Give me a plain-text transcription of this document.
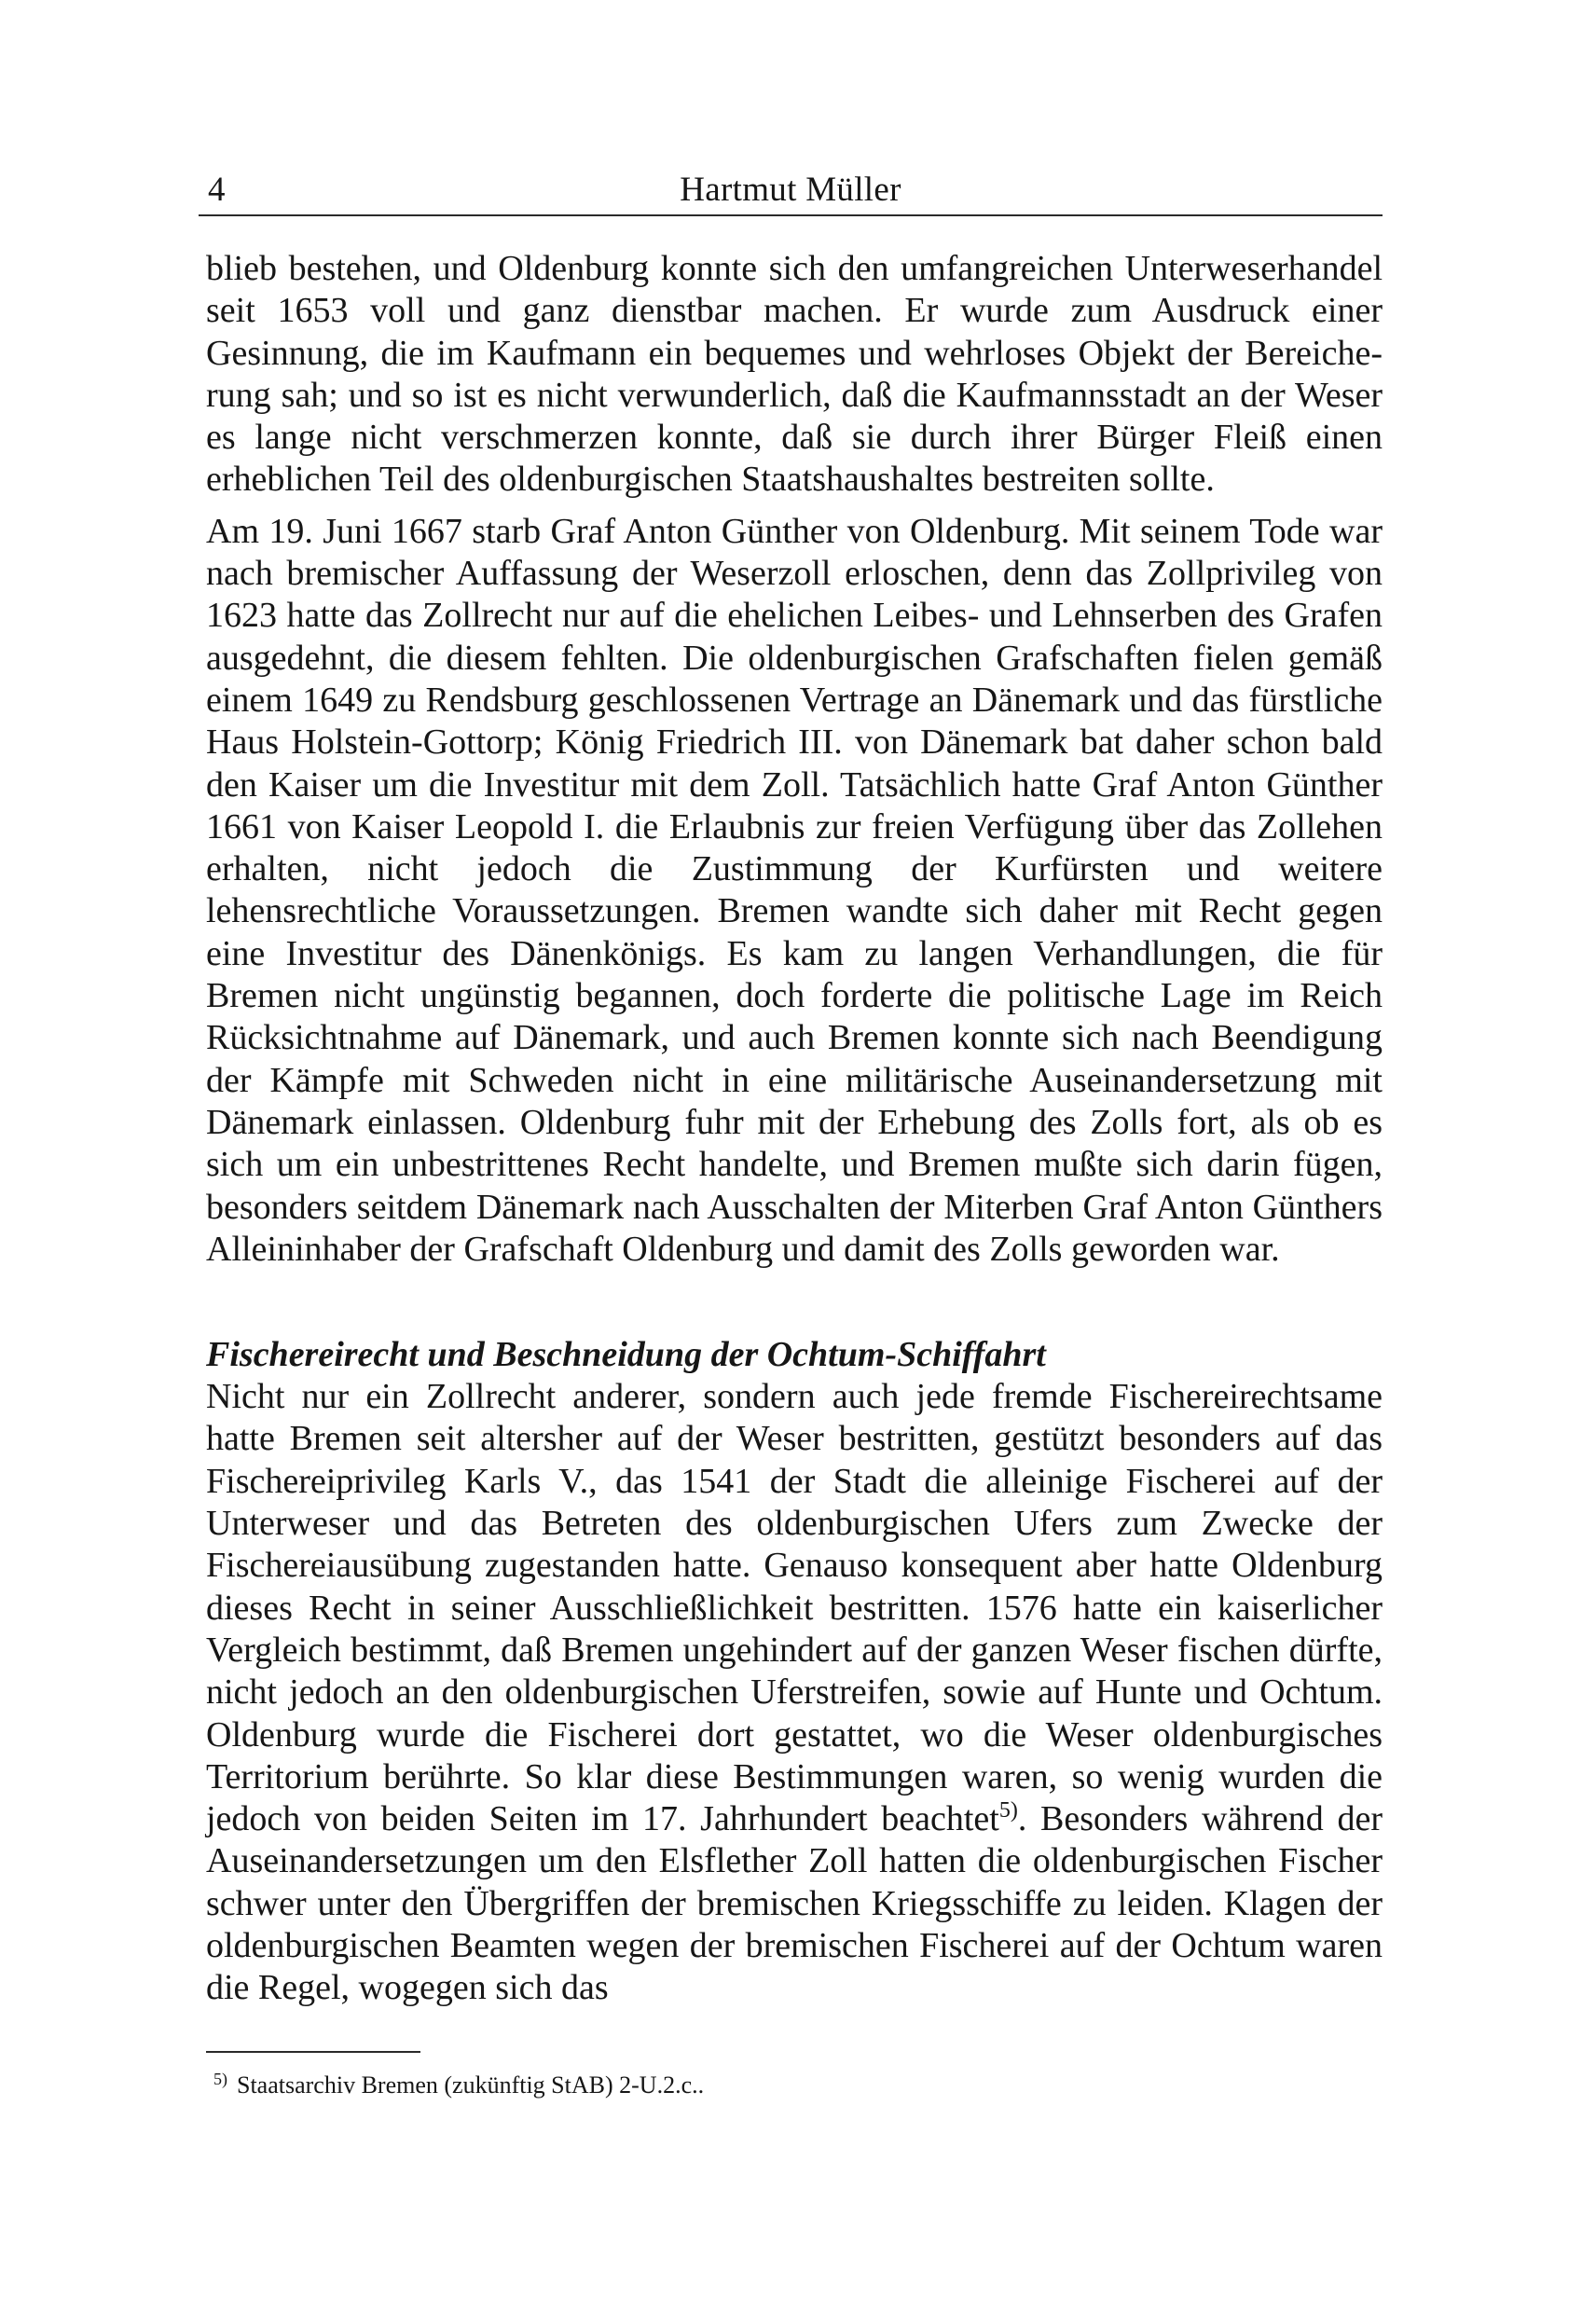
4	Hartmut Müller

blieb bestehen, und Oldenburg konnte sich den umfangreichen Unterweserhandel seit 1653 voll und ganz dienstbar machen. Er wurde zum Ausdruck einer Gesinnung, die im Kaufmann ein bequemes und wehrloses Objekt der Bereicherung sah; und so ist es nicht verwunderlich, daß die Kaufmannsstadt an der Weser es lange nicht verschmerzen konnte, daß sie durch ihrer Bürger Fleiß einen erheblichen Teil des oldenburgischen Staatshaushaltes bestreiten sollte.

Am 19. Juni 1667 starb Graf Anton Günther von Oldenburg. Mit seinem Tode war nach bremischer Auffassung der Weserzoll erloschen, denn das Zollprivileg von 1623 hatte das Zollrecht nur auf die ehelichen Leibes- und Lehnserben des Grafen ausgedehnt, die diesem fehlten. Die oldenburgischen Grafschaften fielen gemäß einem 1649 zu Rendsburg geschlossenen Vertrage an Dänemark und das fürstliche Haus Holstein-Gottorp; König Friedrich III. von Dänemark bat daher schon bald den Kaiser um die Investitur mit dem Zoll. Tatsächlich hatte Graf Anton Günther 1661 von Kaiser Leopold I. die Erlaubnis zur freien Verfügung über das Zollehen erhalten, nicht jedoch die Zustimmung der Kurfürsten und weitere lehensrechtliche Voraussetzungen. Bremen wandte sich daher mit Recht gegen eine Investitur des Dänenkönigs. Es kam zu langen Verhandlungen, die für Bremen nicht ungünstig begannen, doch forderte die politische Lage im Reich Rücksichtnahme auf Dänemark, und auch Bremen konnte sich nach Beendigung der Kämpfe mit Schweden nicht in eine militärische Auseinandersetzung mit Dänemark einlassen. Oldenburg fuhr mit der Erhebung des Zolls fort, als ob es sich um ein unbestrittenes Recht handelte, und Bremen mußte sich darin fügen, besonders seitdem Dänemark nach Ausschalten der Miterben Graf Anton Günthers Alleininhaber der Grafschaft Oldenburg und damit des Zolls geworden war.

Fischereirecht und Beschneidung der Ochtum-Schiffahrt

Nicht nur ein Zollrecht anderer, sondern auch jede fremde Fischereirechtsame hatte Bremen seit altersher auf der Weser bestritten, gestützt besonders auf das Fischereiprivileg Karls V., das 1541 der Stadt die alleinige Fischerei auf der Unterweser und das Betreten des oldenburgischen Ufers zum Zwecke der Fischereiausübung zugestanden hatte. Genauso konsequent aber hatte Oldenburg dieses Recht in seiner Ausschließlichkeit bestritten. 1576 hatte ein kaiserlicher Vergleich bestimmt, daß Bremen ungehindert auf der ganzen Weser fischen dürfte, nicht jedoch an den oldenburgischen Uferstreifen, sowie auf Hunte und Ochtum. Oldenburg wurde die Fischerei dort gestattet, wo die Weser oldenburgisches Territorium berührte. So klar diese Bestimmungen waren, so wenig wurden die jedoch von beiden Seiten im 17. Jahrhundert beachtet$^{5)}$. Besonders während der Auseinandersetzungen um den Elsflether Zoll hatten die oldenburgischen Fischer schwer unter den Übergriffen der bremischen Kriegsschiffe zu leiden. Klagen der oldenburgischen Beamten wegen der bremischen Fischerei auf der Ochtum waren die Regel, wogegen sich das

$^{5)}$ Staatsarchiv Bremen (zukünftig StAB) 2-U.2.c..
